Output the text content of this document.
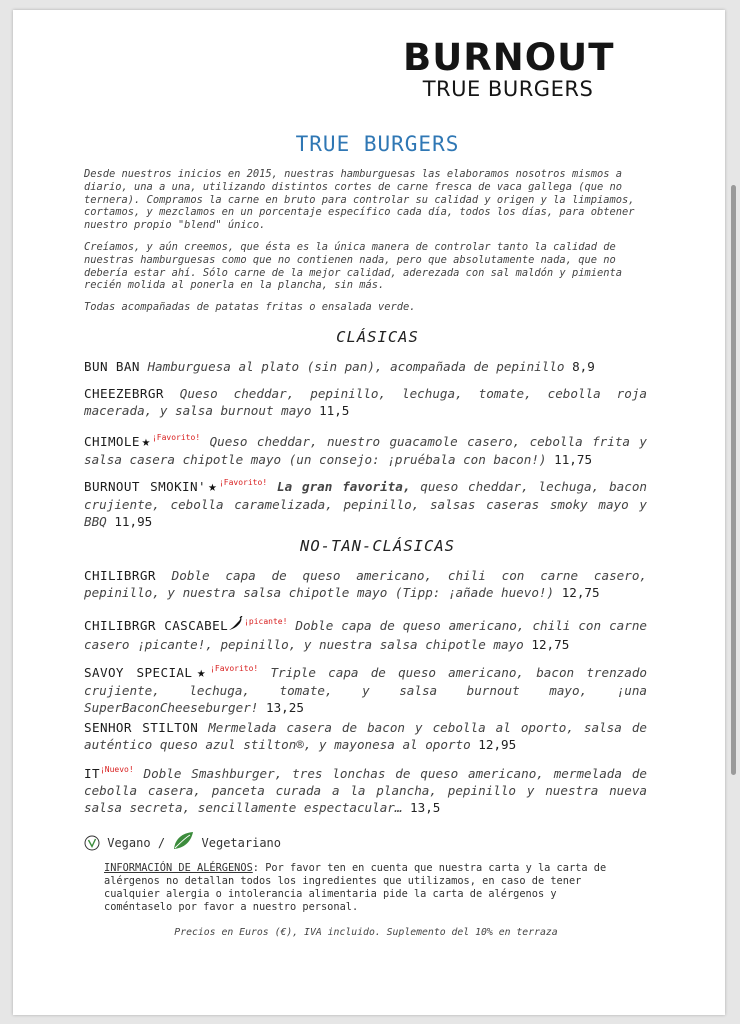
BURNOUT
TRUE BURGERS
TRUE BURGERS

Desde nuestros inicios en 2015, nuestras hamburguesas las elaboramos nosotros mismos a diario, una a una, utilizando distintos cortes de carne fresca de vaca gallega (que no ternera). Compramos la carne en bruto para controlar su calidad y origen y la limpiamos, cortamos, y mezclamos en un porcentaje específico cada día, todos los días, para obtener nuestro propio "blend" único.

Creíamos, y aún creemos, que ésta es la única manera de controlar tanto la calidad de nuestras hamburguesas como que no contienen nada, pero que absolutamente nada, que no debería estar ahí. Sólo carne de la mejor calidad, aderezada con sal maldón y pimienta recién molida al ponerla en la plancha, sin más.

Todas acompañadas de patatas fritas o ensalada verde.

CLÁSICAS

BUN BAN Hamburguesa al plato (sin pan), acompañada de pepinillo 8,9

CHEEZEBRGR Queso cheddar, pepinillo, lechuga, tomate, cebolla roja macerada, y salsa burnout mayo 11,5

CHIMOLE★$^{¡Favorito!}$ Queso cheddar, nuestro guacamole casero, cebolla frita y salsa casera chipotle mayo (un consejo: ¡pruébala con bacon!) 11,75

BURNOUT SMOKIN'★$^{¡Favorito!}$ La gran favorita, queso cheddar, lechuga, bacon crujiente, cebolla caramelizada, pepinillo, salsas caseras smoky mayo y BBQ 11,95

NO-TAN-CLÁSICAS

CHILIBRGR Doble capa de queso americano, chili con carne casero, pepinillo, y nuestra salsa chipotle mayo (Tipp: ¡añade huevo!) 12,75

CHILIBRGR CASCABEL $^{¡picante!}$ Doble capa de queso americano, chili con carne casero ¡picante!, pepinillo, y nuestra salsa chipotle mayo 12,75

SAVOY SPECIAL★$^{¡Favorito!}$ Triple capa de queso americano, bacon trenzado crujiente, lechuga, tomate, y salsa burnout mayo, ¡una SuperBaconCheeseburger! 13,25

SENHOR STILTON Mermelada casera de bacon y cebolla al oporto, salsa de auténtico queso azul stilton®, y mayonesa al oporto 12,95

$IT^{¡Nuevo!}$ Doble Smashburger, tres lonchas de queso americano, mermelada de cebolla casera, panceta curada a la plancha, pepinillo y nuestra nueva salsa secreta, sencillamente espectacular… 13,5

Vegano /	Vegetariano

INFORMACIÓN DE ALÉRGENOS: Por favor ten en cuenta que nuestra carta y la carta de alérgenos no detallan todos los ingredientes que utilizamos, en caso de tener cualquier alergia o intolerancia alimentaria pide la carta de alérgenos y coméntaselo por favor a nuestro personal.

Precios en Euros (€), IVA incluido. Suplemento del 10% en terraza
